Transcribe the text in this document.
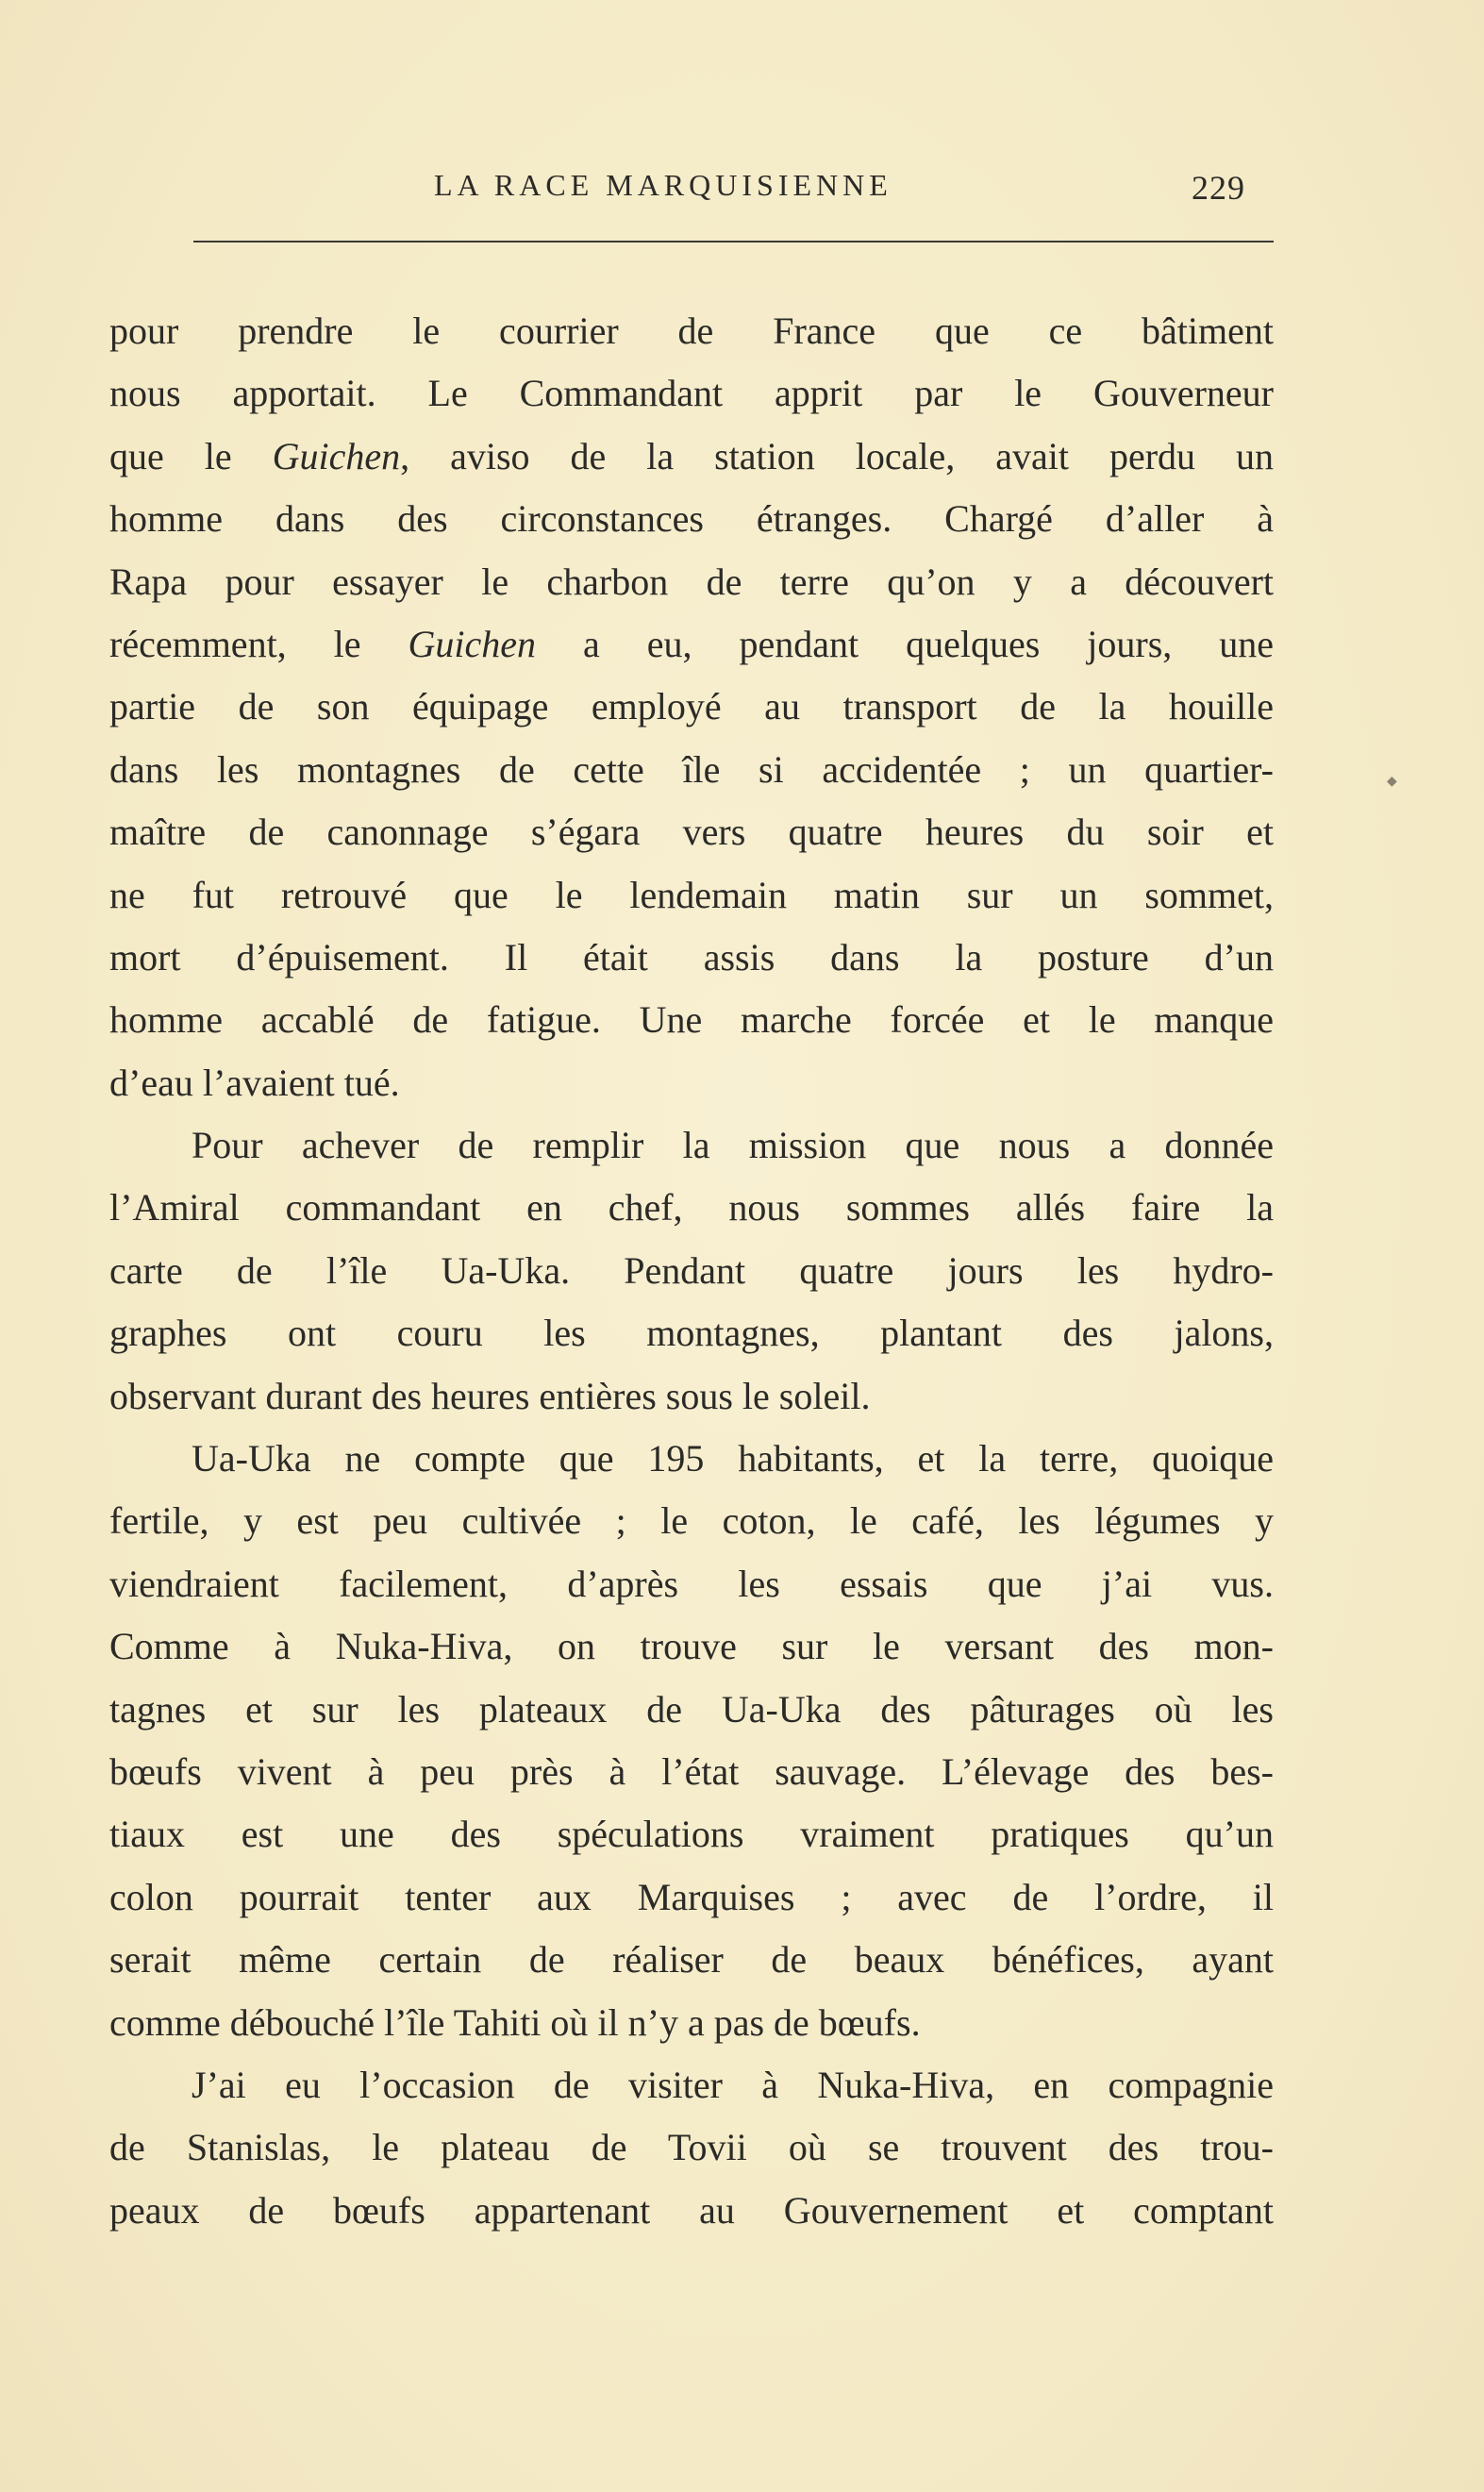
LA RACE MARQUISIENNE	229
◆
pour prendre le courrier de France que ce bâtiment
nous apportait. Le Commandant apprit par le Gouverneur
que le Guichen, aviso de la station locale, avait perdu un
homme dans des circonstances étranges. Chargé d’aller à
Rapa pour essayer le charbon de terre qu’on y a découvert
récemment, le Guichen a eu, pendant quelques jours, une
partie de son équipage employé au transport de la houille
dans les montagnes de cette île si accidentée ; un quartier-
maître de canonnage s’égara vers quatre heures du soir et
ne fut retrouvé que le lendemain matin sur un sommet,
mort d’épuisement. Il était assis dans la posture d’un
homme accablé de fatigue. Une marche forcée et le manque
d’eau l’avaient tué.
Pour achever de remplir la mission que nous a donnée
l’Amiral commandant en chef, nous sommes allés faire la
carte de l’île Ua-Uka. Pendant quatre jours les hydro-
graphes ont couru les montagnes, plantant des jalons,
observant durant des heures entières sous le soleil.
Ua-Uka ne compte que 195 habitants, et la terre, quoique
fertile, y est peu cultivée ; le coton, le café, les légumes y
viendraient facilement, d’après les essais que j’ai vus.
Comme à Nuka-Hiva, on trouve sur le versant des mon-
tagnes et sur les plateaux de Ua-Uka des pâturages où les
bœufs vivent à peu près à l’état sauvage. L’élevage des bes-
tiaux est une des spéculations vraiment pratiques qu’un
colon pourrait tenter aux Marquises ; avec de l’ordre, il
serait même certain de réaliser de beaux bénéfices, ayant
comme débouché l’île Tahiti où il n’y a pas de bœufs.
J’ai eu l’occasion de visiter à Nuka-Hiva, en compagnie
de Stanislas, le plateau de Tovii où se trouvent des trou-
peaux de bœufs appartenant au Gouvernement et comptant
